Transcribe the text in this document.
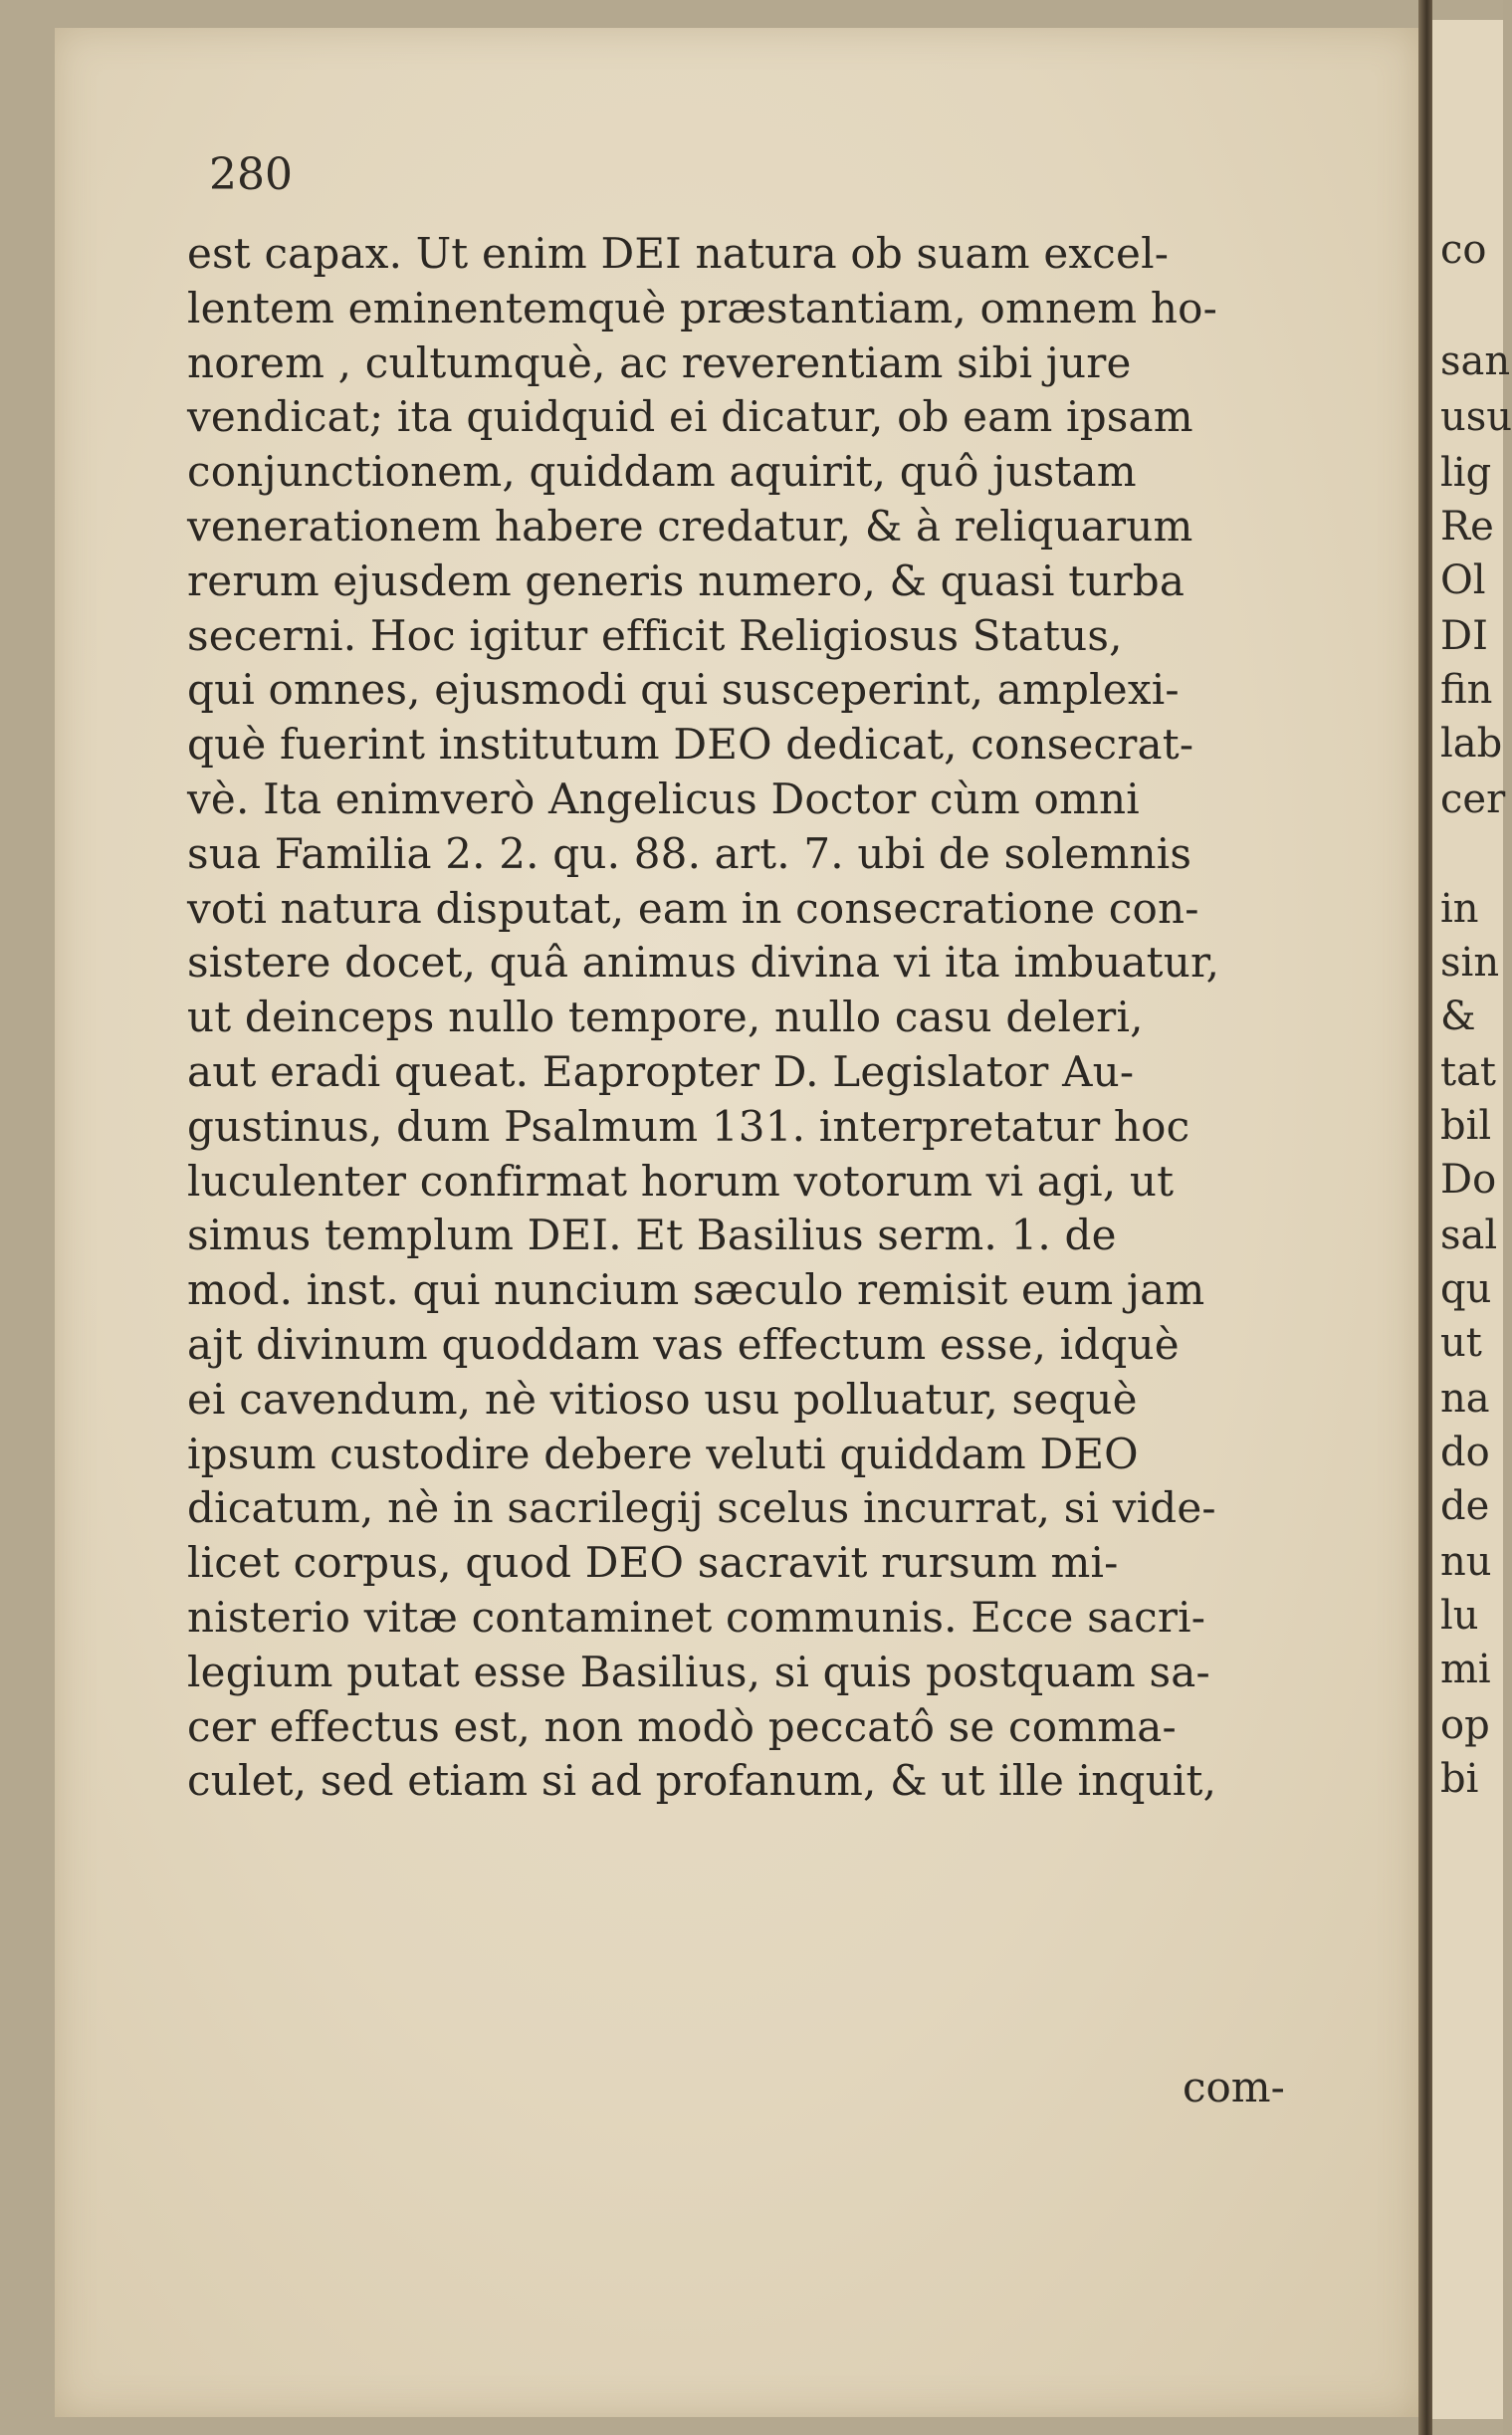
280
est capax. Ut enim DEI natura ob suam excel-
lentem eminentemquè præstantiam, omnem ho-
norem , cultumquè, ac reverentiam sibi jure
vendicat; ita quidquid ei dicatur, ob eam ipsam
conjunctionem, quiddam aquirit, quô justam
venerationem habere credatur, & à reliquarum
rerum ejusdem generis numero, & quasi turba
secerni. Hoc igitur efficit Religiosus Status,
qui omnes, ejusmodi qui susceperint, amplexi-
què fuerint institutum DEO dedicat, consecrat-
vè. Ita enimverò Angelicus Doctor cùm omni
sua Familia 2. 2. qu. 88. art. 7. ubi de solemnis
voti natura disputat, eam in consecratione con-
sistere docet, quâ animus divina vi ita imbuatur,
ut deinceps nullo tempore, nullo casu deleri,
aut eradi queat. Eapropter D. Legislator Au-
gustinus, dum Psalmum 131. interpretatur hoc
luculenter confirmat horum votorum vi agi, ut
simus templum DEI. Et Basilius serm. 1. de
mod. inst. qui nuncium sæculo remisit eum jam
ajt divinum quoddam vas effectum esse, idquè
ei cavendum, nè vitioso usu polluatur, sequè
ipsum custodire debere veluti quiddam DEO
dicatum, nè in sacrilegij scelus incurrat, si vide-
licet corpus, quod DEO sacravit rursum mi-
nisterio vitæ contaminet communis. Ecce sacri-
legium putat esse Basilius, si quis postquam sa-
cer effectus est, non modò peccatô se comma-
culet, sed etiam si ad profanum, & ut ille inquit,
com-
co
san
usu
lig
Re
Ol
DI
fin
lab
cer
in
sin
&
tat
bil
Do
sal
qu
ut
na
do
de
nu
lu
mi
op
bi
